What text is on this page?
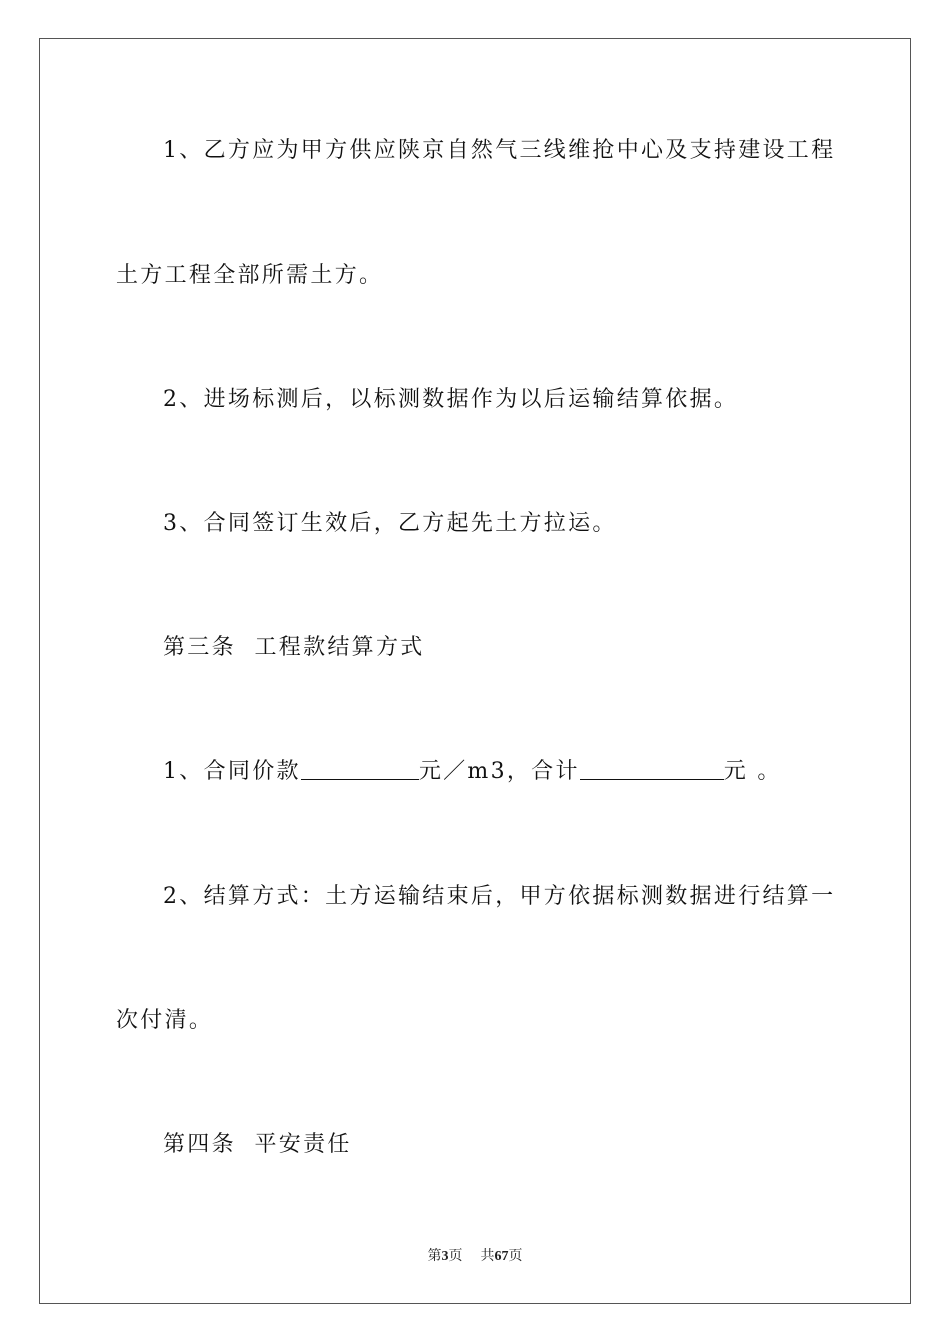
1、乙方应为甲方供应陕京自然气三线维抢中心及支持建设工程
土方工程全部所需土方。
2、进场标测后，以标测数据作为以后运输结算依据。
3、合同签订生效后，乙方起先土方拉运。
第三条  工程款结算方式
1、合同价款	元／m3，合计	元 。
2、结算方式：土方运输结束后，甲方依据标测数据进行结算一
次付清。
第四条  平安责任
第3页 共67页
